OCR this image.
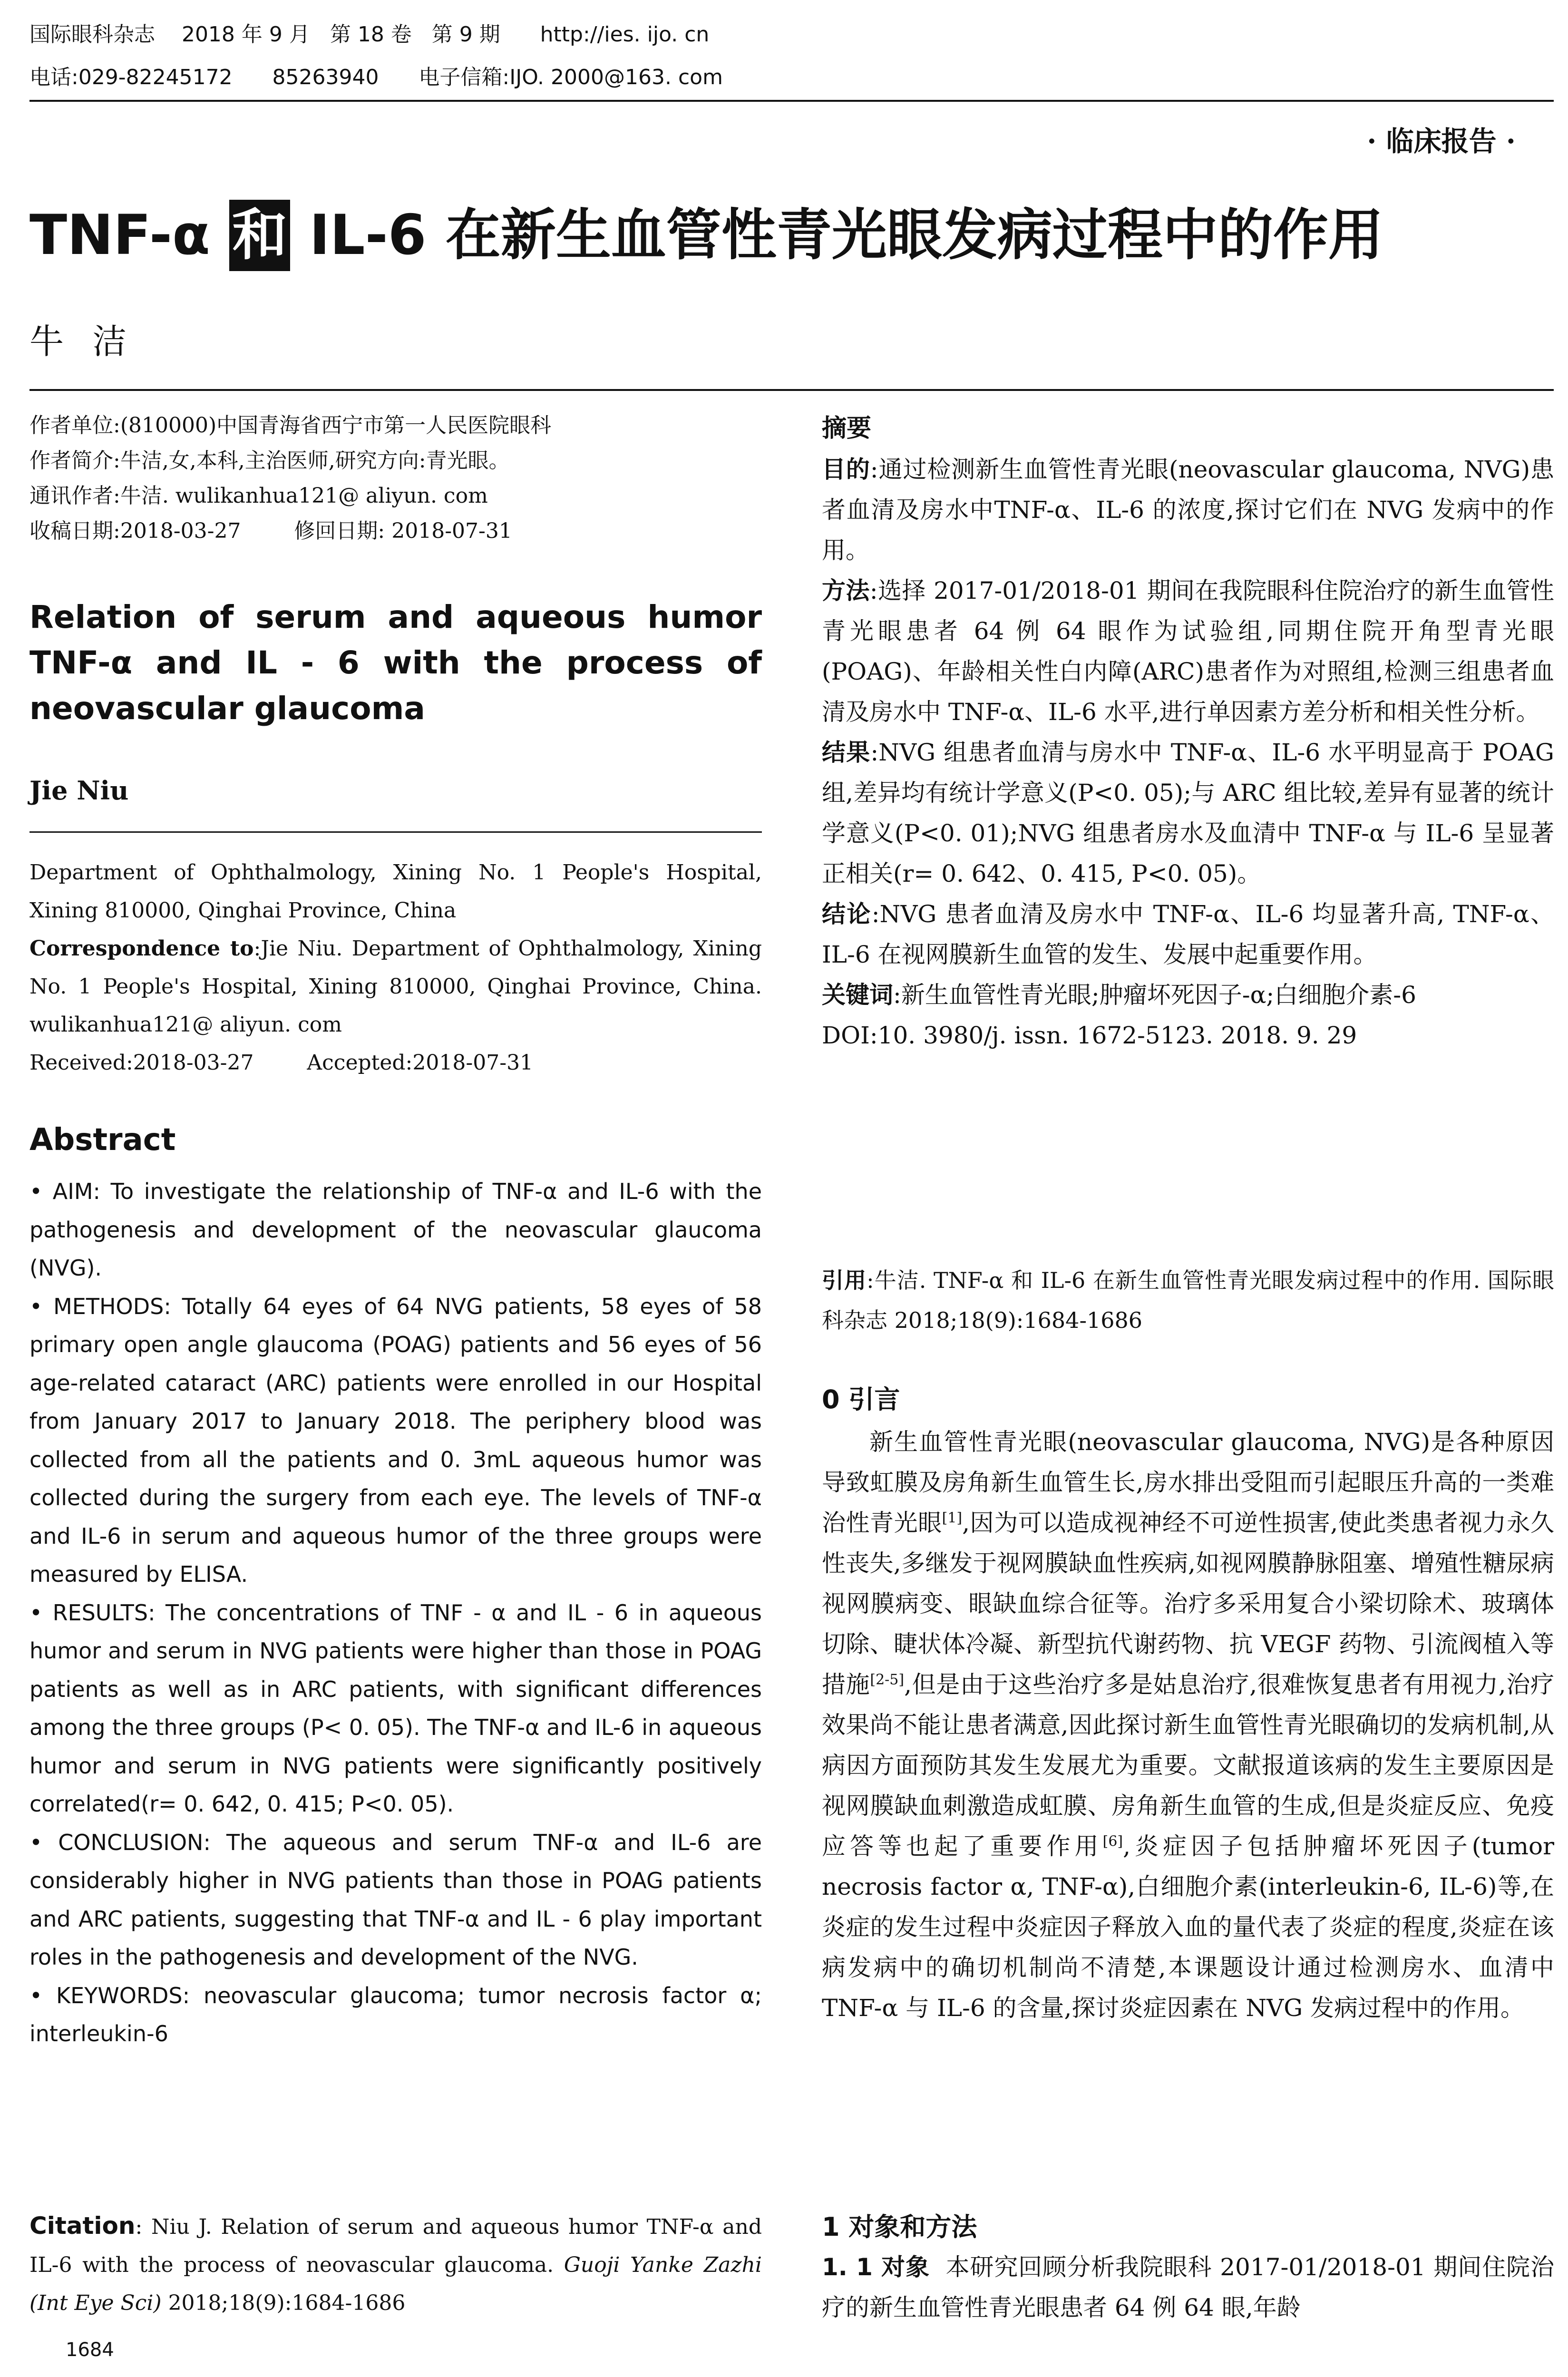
国际眼科杂志    2018 年 9 月   第 18 卷   第 9 期      http://ies. ijo. cn
电话:029-82245172      85263940      电子信箱:IJO. 2000@163. com
· 临床报告 ·
TNF-α 和 IL-6 在新生血管性青光眼发病过程中的作用
牛洁
作者单位:(810000)中国青海省西宁市第一人民医院眼科
作者简介:牛洁,女,本科,主治医师,研究方向:青光眼。
通讯作者:牛洁. wulikanhua121@ aliyun. com
收稿日期:2018-03-27        修回日期: 2018-07-31
Relation of serum and aqueous humor TNF-α and IL - 6 with the process of neovascular glaucoma
Jie Niu
Department of Ophthalmology, Xining No. 1 People's Hospital, Xining 810000, Qinghai Province, China
Correspondence to:Jie Niu. Department of Ophthalmology, Xining No. 1 People's Hospital, Xining 810000, Qinghai Province, China. wulikanhua121@ aliyun. com
Received:2018-03-27        Accepted:2018-07-31
Abstract

• AIM: To investigate the relationship of TNF-α and IL-6 with the pathogenesis and development of the neovascular glaucoma (NVG).

• METHODS: Totally 64 eyes of 64 NVG patients, 58 eyes of 58 primary open angle glaucoma (POAG) patients and 56 eyes of 56 age-related cataract (ARC) patients were enrolled in our Hospital from January 2017 to January 2018. The periphery blood was collected from all the patients and 0. 3mL aqueous humor was collected during the surgery from each eye. The levels of TNF-α and IL-6 in serum and aqueous humor of the three groups were measured by ELISA.

• RESULTS: The concentrations of TNF - α and IL - 6 in aqueous humor and serum in NVG patients were higher than those in POAG patients as well as in ARC patients, with significant differences among the three groups (P< 0. 05). The TNF-α and IL-6 in aqueous humor and serum in NVG patients were significantly positively correlated(r= 0. 642, 0. 415; P<0. 05).

• CONCLUSION: The aqueous and serum TNF-α and IL-6 are considerably higher in NVG patients than those in POAG patients and ARC patients, suggesting that TNF-α and IL - 6 play important roles in the pathogenesis and development of the NVG.

• KEYWORDS: neovascular glaucoma; tumor necrosis factor α; interleukin-6

Citation: Niu J. Relation of serum and aqueous humor TNF-α and IL-6 with the process of neovascular glaucoma. Guoji Yanke Zazhi (Int Eye Sci) 2018;18(9):1684-1686
1684
摘要

目的:通过检测新生血管性青光眼(neovascular glaucoma, NVG)患者血清及房水中TNF-α、IL-6 的浓度,探讨它们在 NVG 发病中的作用。

方法:选择 2017-01/2018-01 期间在我院眼科住院治疗的新生血管性青光眼患者 64 例 64 眼作为试验组,同期住院开角型青光眼(POAG)、年龄相关性白内障(ARC)患者作为对照组,检测三组患者血清及房水中 TNF-α、IL-6 水平,进行单因素方差分析和相关性分析。

结果:NVG 组患者血清与房水中 TNF-α、IL-6 水平明显高于 POAG 组,差异均有统计学意义(P<0. 05);与 ARC 组比较,差异有显著的统计学意义(P<0. 01);NVG 组患者房水及血清中 TNF-α 与 IL-6 呈显著正相关(r= 0. 642、0. 415, P<0. 05)。

结论:NVG 患者血清及房水中 TNF-α、IL-6 均显著升高, TNF-α、IL-6 在视网膜新生血管的发生、发展中起重要作用。

关键词:新生血管性青光眼;肿瘤坏死因子-α;白细胞介素-6

DOI:10. 3980/j. issn. 1672-5123. 2018. 9. 29

引用:牛洁. TNF-α 和 IL-6 在新生血管性青光眼发病过程中的作用. 国际眼科杂志 2018;18(9):1684-1686
0 引言

新生血管性青光眼(neovascular glaucoma, NVG)是各种原因导致虹膜及房角新生血管生长,房水排出受阻而引起眼压升高的一类难治性青光眼[1],因为可以造成视神经不可逆性损害,使此类患者视力永久性丧失,多继发于视网膜缺血性疾病,如视网膜静脉阻塞、增殖性糖尿病视网膜病变、眼缺血综合征等。治疗多采用复合小梁切除术、玻璃体切除、睫状体冷凝、新型抗代谢药物、抗 VEGF 药物、引流阀植入等措施[2-5],但是由于这些治疗多是姑息治疗,很难恢复患者有用视力,治疗效果尚不能让患者满意,因此探讨新生血管性青光眼确切的发病机制,从病因方面预防其发生发展尤为重要。文献报道该病的发生主要原因是视网膜缺血刺激造成虹膜、房角新生血管的生成,但是炎症反应、免疫应答等也起了重要作用[6],炎症因子包括肿瘤坏死因子(tumor necrosis factor α, TNF-α),白细胞介素(interleukin-6, IL-6)等,在炎症的发生过程中炎症因子释放入血的量代表了炎症的程度,炎症在该病发病中的确切机制尚不清楚,本课题设计通过检测房水、血清中 TNF-α 与 IL-6 的含量,探讨炎症因素在 NVG 发病过程中的作用。

1 对象和方法

1. 1 对象 本研究回顾分析我院眼科 2017-01/2018-01 期间住院治疗的新生血管性青光眼患者 64 例 64 眼,年龄
